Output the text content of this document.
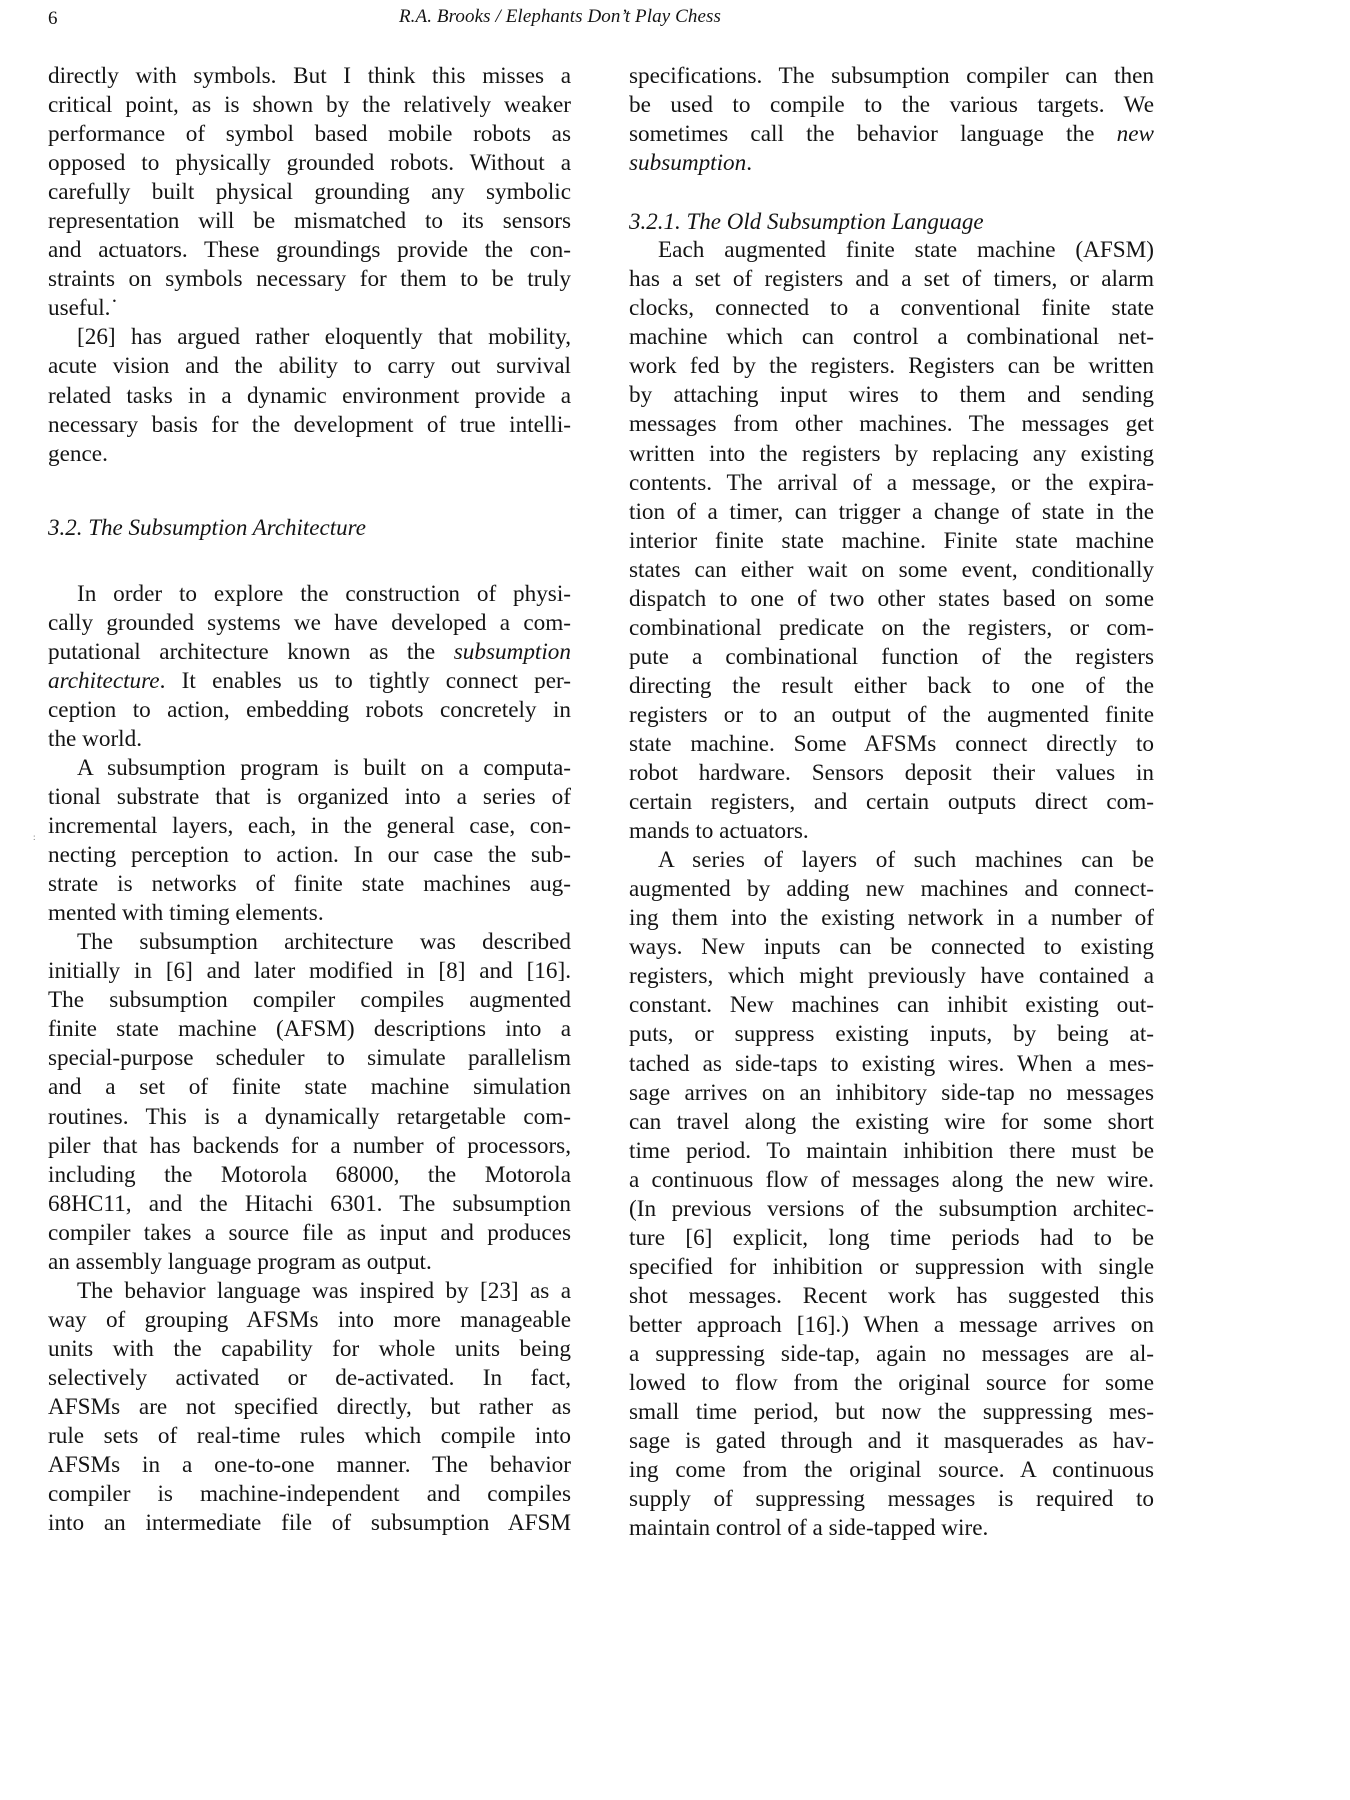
6	R.A. Brooks / Elephants Don’t Play Chess
:
directly with symbols. But I think this misses a
critical point, as is shown by the relatively weaker
performance of symbol based mobile robots as
opposed to physically grounded robots. Without a
carefully built physical grounding any symbolic
representation will be mismatched to its sensors
and actuators. These groundings provide the con-
straints on symbols necessary for them to be truly
useful.˙
[26] has argued rather eloquently that mobility,
acute vision and the ability to carry out survival
related tasks in a dynamic environment provide a
necessary basis for the development of true intelli-
gence.
3.2. The Subsumption Architecture
In order to explore the construction of physi-
cally grounded systems we have developed a com-
putational architecture known as the subsumption
architecture. It enables us to tightly connect per-
ception to action, embedding robots concretely in
the world.
A subsumption program is built on a computa-
tional substrate that is organized into a series of
incremental layers, each, in the general case, con-
necting perception to action. In our case the sub-
strate is networks of finite state machines aug-
mented with timing elements.
The subsumption architecture was described
initially in [6] and later modified in [8] and [16].
The subsumption compiler compiles augmented
finite state machine (AFSM) descriptions into a
special-purpose scheduler to simulate parallelism
and a set of finite state machine simulation
routines. This is a dynamically retargetable com-
piler that has backends for a number of processors,
including the Motorola 68000, the Motorola
68HC11, and the Hitachi 6301. The subsumption
compiler takes a source file as input and produces
an assembly language program as output.
The behavior language was inspired by [23] as a
way of grouping AFSMs into more manageable
units with the capability for whole units being
selectively activated or de-activated. In fact,
AFSMs are not specified directly, but rather as
rule sets of real-time rules which compile into
AFSMs in a one-to-one manner. The behavior
compiler is machine-independent and compiles
into an intermediate file of subsumption AFSM
specifications. The subsumption compiler can then
be used to compile to the various targets. We
sometimes call the behavior language the new
subsumption.
3.2.1. The Old Subsumption Language
Each augmented finite state machine (AFSM)
has a set of registers and a set of timers, or alarm
clocks, connected to a conventional finite state
machine which can control a combinational net-
work fed by the registers. Registers can be written
by attaching input wires to them and sending
messages from other machines. The messages get
written into the registers by replacing any existing
contents. The arrival of a message, or the expira-
tion of a timer, can trigger a change of state in the
interior finite state machine. Finite state machine
states can either wait on some event, conditionally
dispatch to one of two other states based on some
combinational predicate on the registers, or com-
pute a combinational function of the registers
directing the result either back to one of the
registers or to an output of the augmented finite
state machine. Some AFSMs connect directly to
robot hardware. Sensors deposit their values in
certain registers, and certain outputs direct com-
mands to actuators.
A series of layers of such machines can be
augmented by adding new machines and connect-
ing them into the existing network in a number of
ways. New inputs can be connected to existing
registers, which might previously have contained a
constant. New machines can inhibit existing out-
puts, or suppress existing inputs, by being at-
tached as side-taps to existing wires. When a mes-
sage arrives on an inhibitory side-tap no messages
can travel along the existing wire for some short
time period. To maintain inhibition there must be
a continuous flow of messages along the new wire.
(In previous versions of the subsumption architec-
ture [6] explicit, long time periods had to be
specified for inhibition or suppression with single
shot messages. Recent work has suggested this
better approach [16].) When a message arrives on
a suppressing side-tap, again no messages are al-
lowed to flow from the original source for some
small time period, but now the suppressing mes-
sage is gated through and it masquerades as hav-
ing come from the original source. A continuous
supply of suppressing messages is required to
maintain control of a side-tapped wire.
